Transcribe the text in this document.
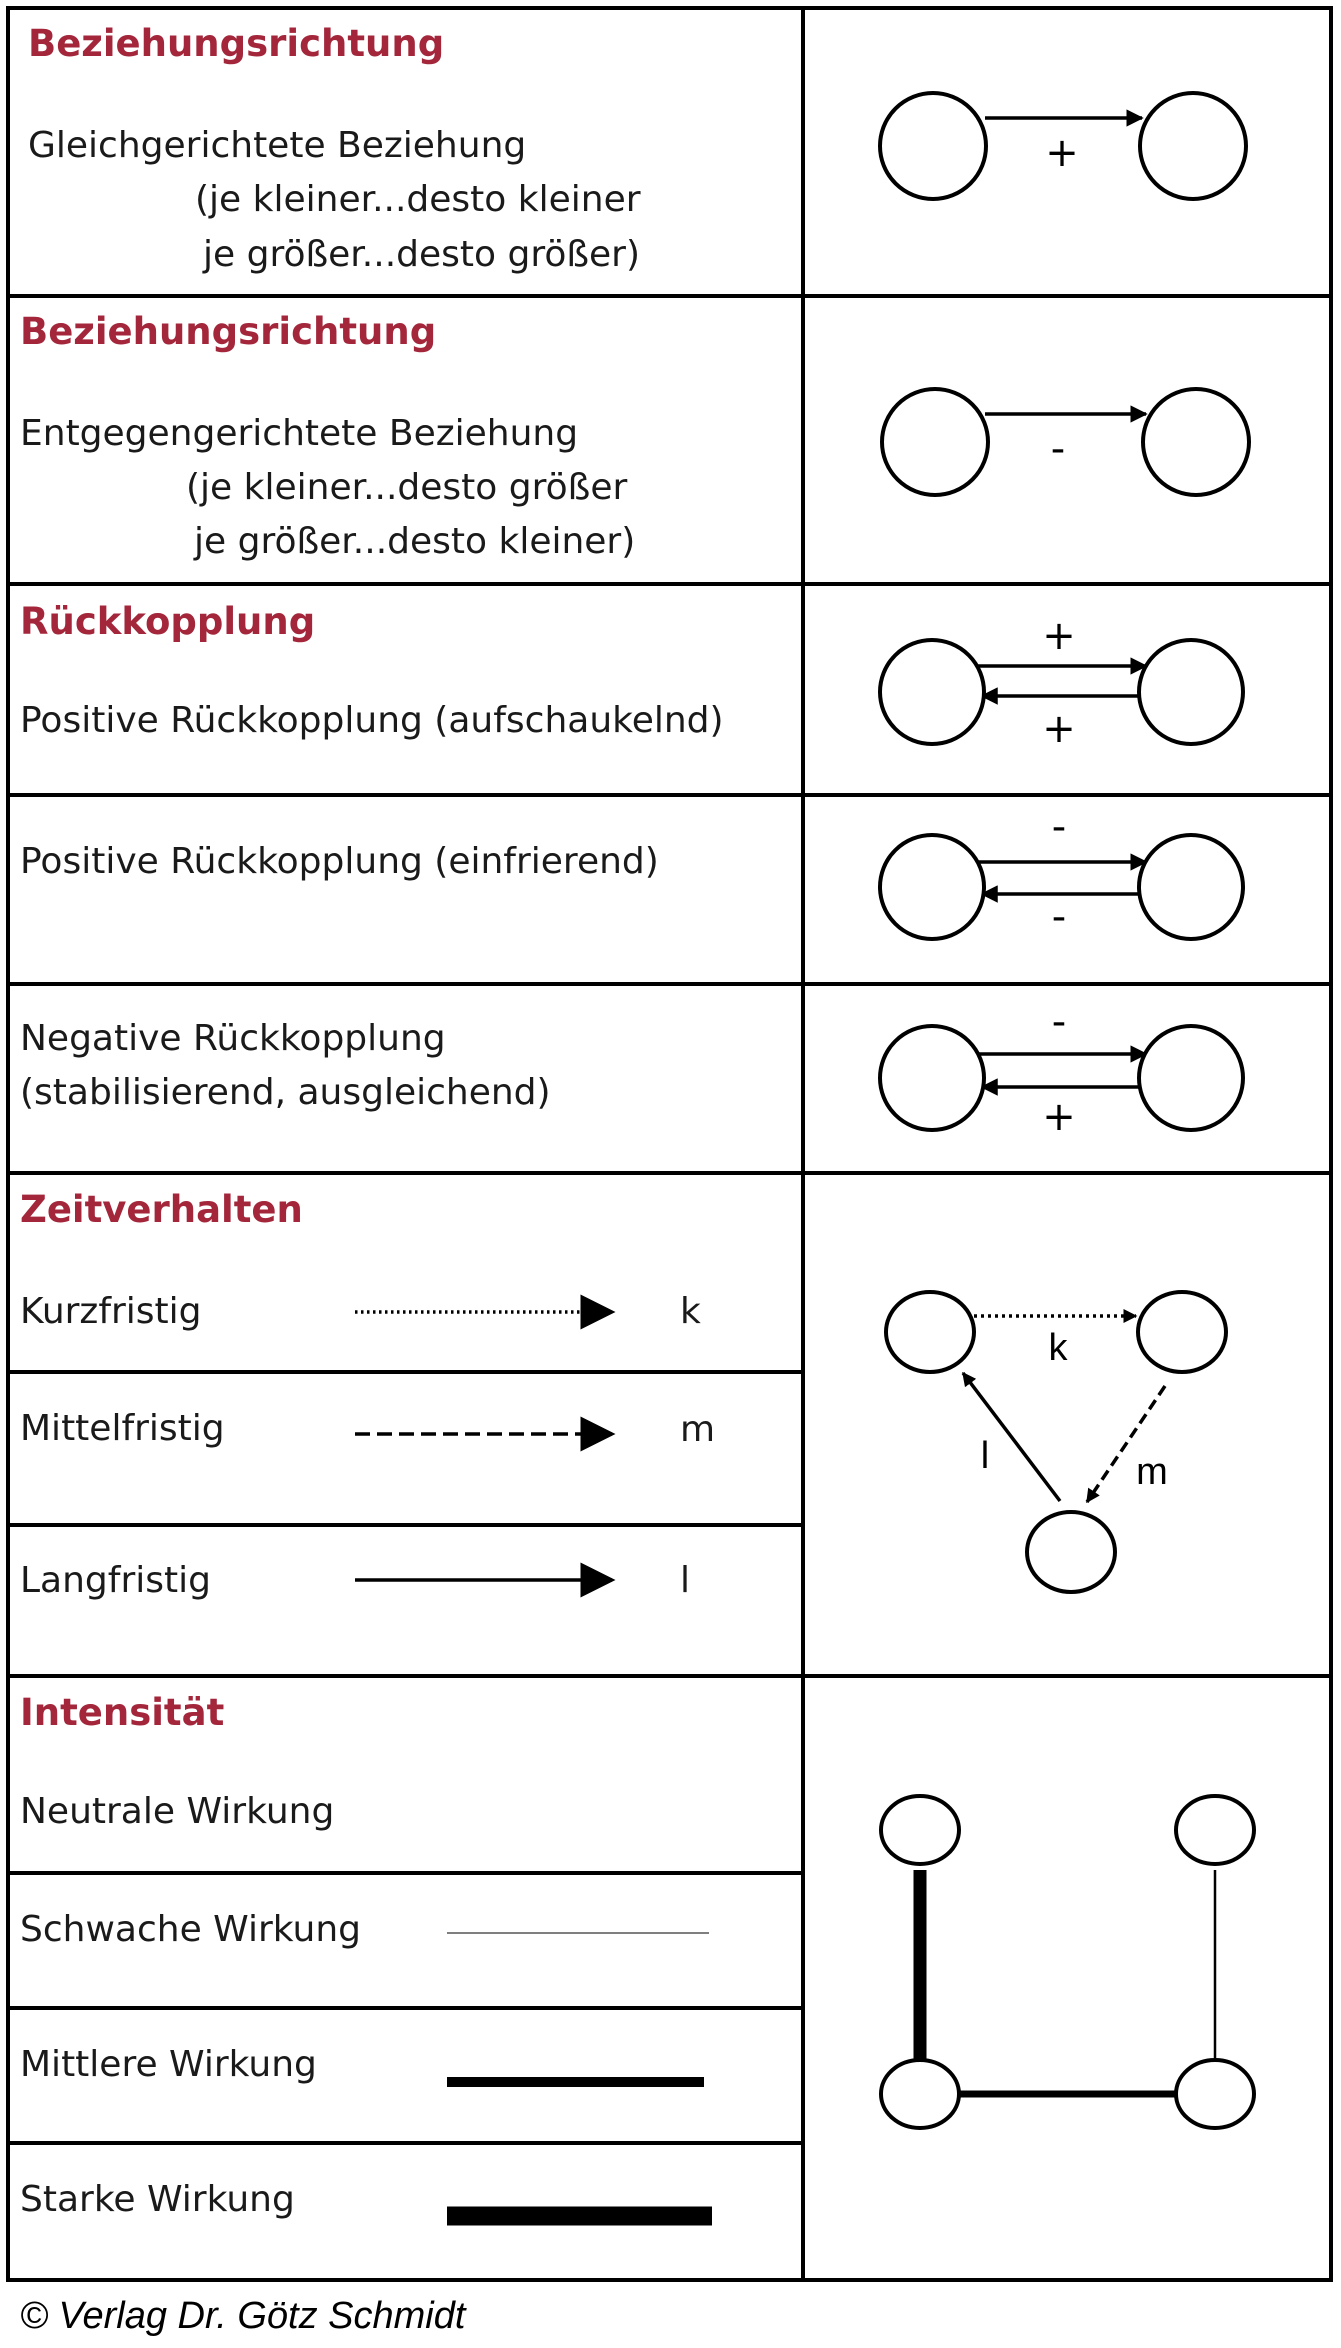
Beziehungsrichtung
Gleichgerichtete Beziehung
(je kleiner...desto kleiner
je größer...desto größer)
+
Beziehungsrichtung
Entgegengerichtete Beziehung
(je kleiner...desto größer
je größer...desto kleiner)
-
Rückkopplung
Positive Rückkopplung (aufschaukelnd)
+
+
Positive Rückkopplung (einfrierend)
-
-
Negative Rückkopplung
(stabilisierend, ausgleichend)
-
+
Zeitverhalten
Kurzfristig	k
Mittelfristig	m
Langfristig	l
k
m
l
Intensität
Neutrale Wirkung
Schwache Wirkung
Mittlere Wirkung
Starke Wirkung
© Verlag Dr. Götz Schmidt
